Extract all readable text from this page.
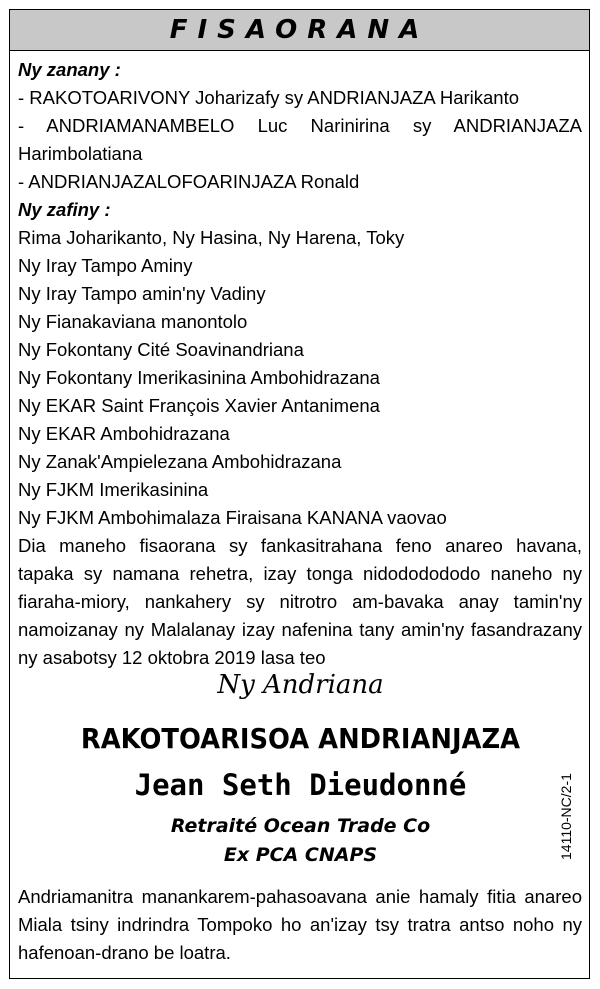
FISAORANA
Ny zanany :
- RAKOTOARIVONY Joharizafy sy ANDRIANJAZA Harikanto
- ANDRIAMANAMBELO Luc Narinirina sy ANDRIANJAZA
Harimbolatiana
- ANDRIANJAZALOFOARINJAZA Ronald
Ny zafiny :
Rima Joharikanto, Ny Hasina, Ny Harena, Toky
Ny Iray Tampo Aminy
Ny Iray Tampo amin'ny Vadiny
Ny Fianakaviana manontolo
Ny Fokontany Cité Soavinandriana
Ny Fokontany Imerikasinina Ambohidrazana
Ny EKAR Saint François Xavier Antanimena
Ny EKAR Ambohidrazana
Ny Zanak'Ampielezana Ambohidrazana
Ny FJKM Imerikasinina
Ny FJKM Ambohimalaza Firaisana KANANA vaovao
Dia maneho fisaorana sy fankasitrahana feno anareo havana, tapaka sy namana rehetra, izay tonga nidododododo naneho ny fiaraha-miory, nankahery sy nitrotro am-bavaka anay tamin'ny namoizanay ny Malalanay izay nafenina tany amin'ny fasandrazany ny asabotsy 12 oktobra 2019 lasa teo
Ny Andriana
RAKOTOARISOA ANDRIANJAZA
Jean Seth Dieudonné
Retraité Ocean Trade Co
Ex PCA CNAPS	14110-NC/2-1
Andriamanitra manankarem-pahasoavana anie hamaly fitia anareo Miala tsiny indrindra Tompoko ho an'izay tsy tratra antso noho ny hafenoan-drano be loatra.
